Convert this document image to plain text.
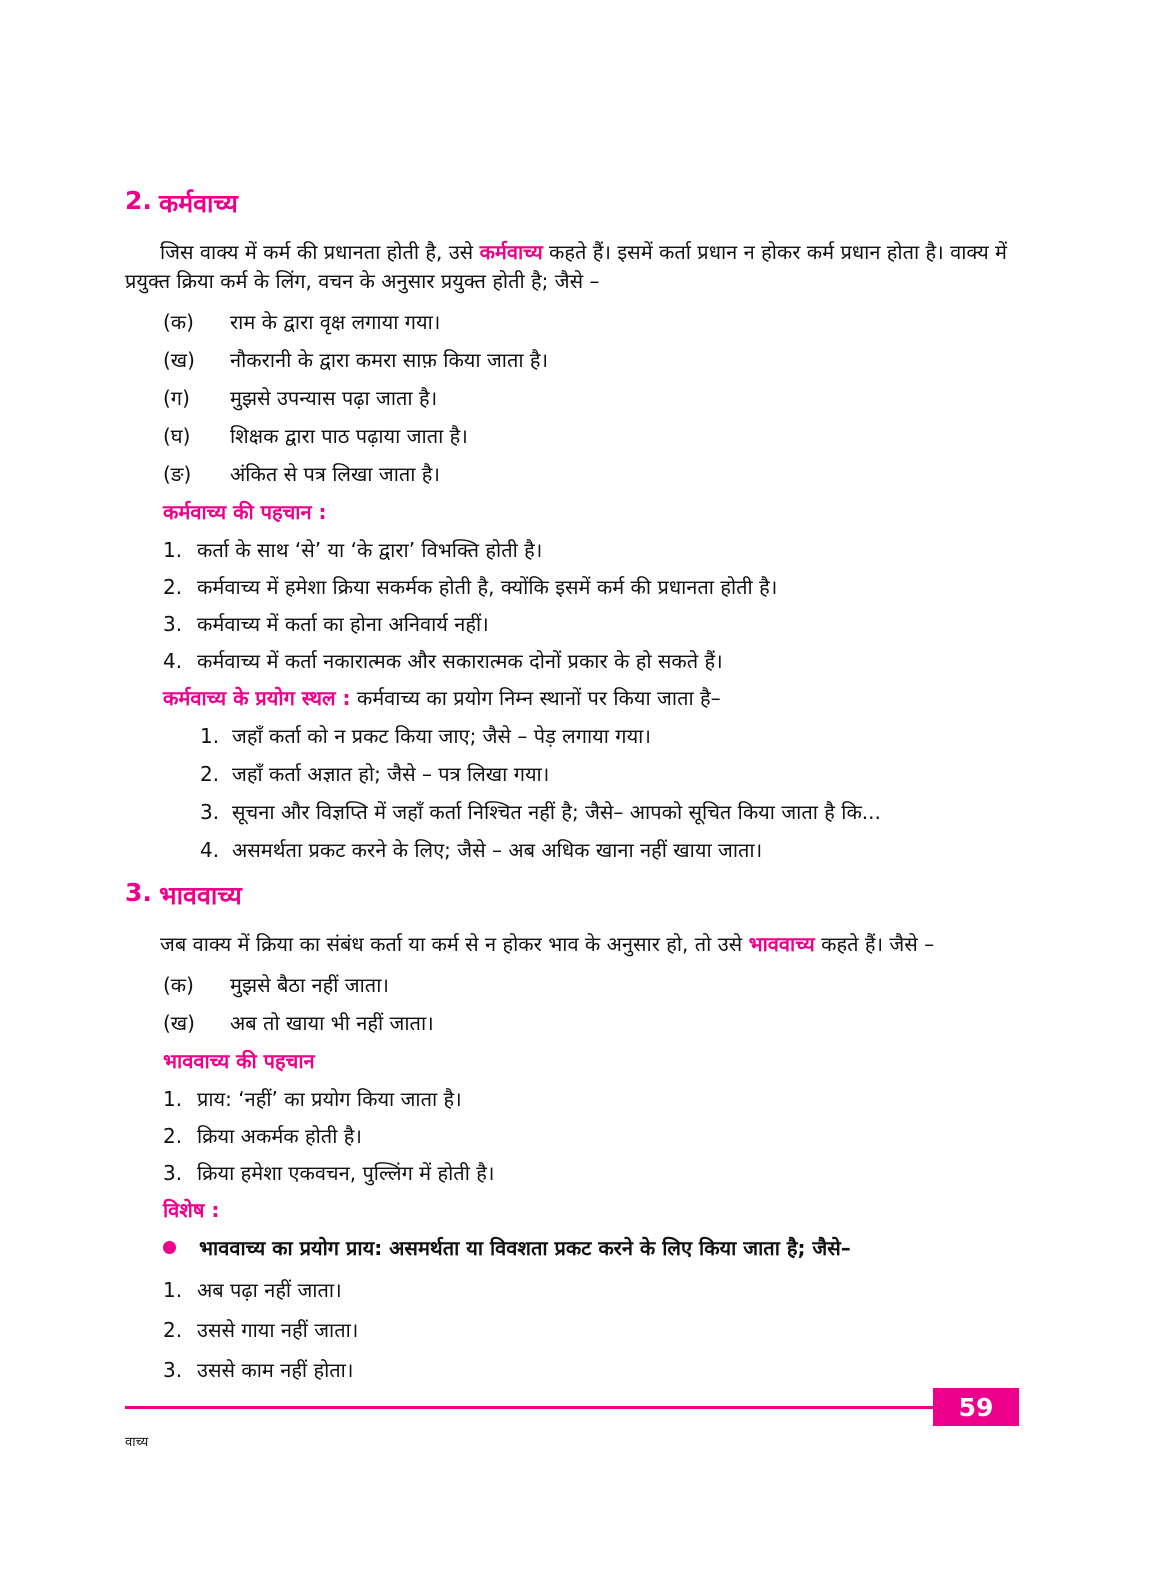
2. कर्मवाच्य

जिस वाक्य में कर्म की प्रधानता होती है, उसे कर्मवाच्य कहते हैं। इसमें कर्ता प्रधान न होकर कर्म प्रधान होता है। वाक्य में प्रयुक्त क्रिया कर्म के लिंग, वचन के अनुसार प्रयुक्त होती है; जैसे –

(क)	राम के द्वारा वृक्ष लगाया गया।
(ख)	नौकरानी के द्वारा कमरा साफ़ किया जाता है।
(ग)	मुझसे उपन्यास पढ़ा जाता है।
(घ)	शिक्षक द्वारा पाठ पढ़ाया जाता है।
(ङ)	अंकित से पत्र लिखा जाता है।
कर्मवाच्य की पहचान :
1. कर्ता के साथ ‘से’ या ‘के द्वारा’ विभक्ति होती है।
2. कर्मवाच्य में हमेशा क्रिया सकर्मक होती है, क्योंकि इसमें कर्म की प्रधानता होती है।
3. कर्मवाच्य में कर्ता का होना अनिवार्य नहीं।
4. कर्मवाच्य में कर्ता नकारात्मक और सकारात्मक दोनों प्रकार के हो सकते हैं।
कर्मवाच्य के प्रयोग स्थल : कर्मवाच्य का प्रयोग निम्न स्थानों पर किया जाता है–
1. जहाँ कर्ता को न प्रकट किया जाए; जैसे – पेड़ लगाया गया।
2. जहाँ कर्ता अज्ञात हो; जैसे – पत्र लिखा गया।
3. सूचना और विज्ञप्ति में जहाँ कर्ता निश्चित नहीं है; जैसे– आपको सूचित किया जाता है कि...
4. असमर्थता प्रकट करने के लिए; जैसे – अब अधिक खाना नहीं खाया जाता।
3. भाववाच्य

जब वाक्य में क्रिया का संबंध कर्ता या कर्म से न होकर भाव के अनुसार हो, तो उसे भाववाच्य कहते हैं। जैसे –

(क)	मुझसे बैठा नहीं जाता।
(ख)	अब तो खाया भी नहीं जाता।
भाववाच्य की पहचान
1. प्राय: ‘नहीं’ का प्रयोग किया जाता है।
2. क्रिया अकर्मक होती है।
3. क्रिया हमेशा एकवचन, पुल्लिंग में होती है।
विशेष :
भाववाच्य का प्रयोग प्राय: असमर्थता या विवशता प्रकट करने के लिए किया जाता है; जैसे–
1. अब पढ़ा नहीं जाता।
2. उससे गाया नहीं जाता।
3. उससे काम नहीं होता।
59
वाच्य
